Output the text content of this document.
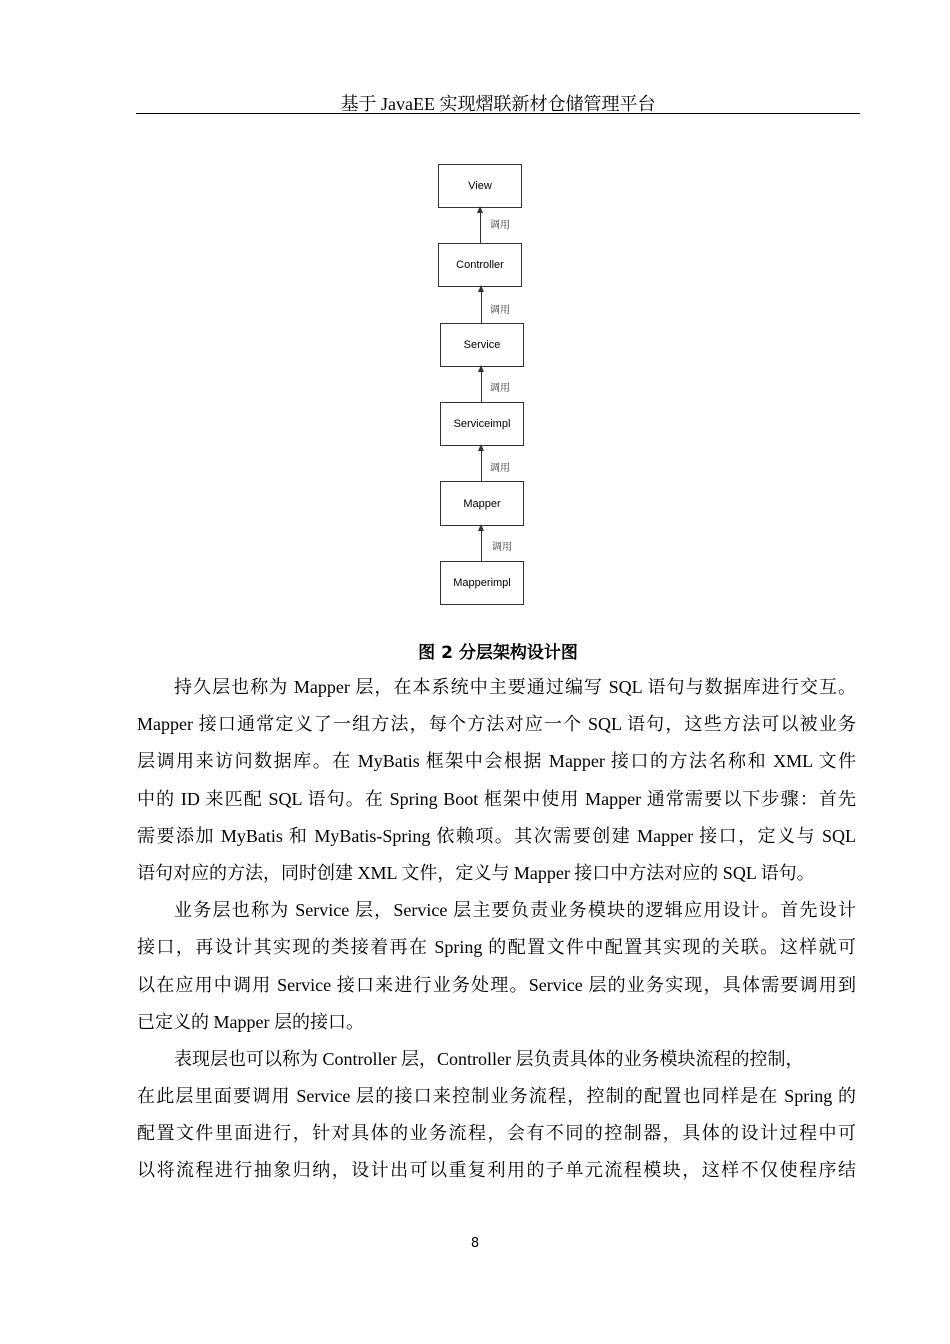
基于 JavaEE 实现熠联新材仓储管理平台
View
Controller
Service
Serviceimpl
Mapper
Mapperimpl
调用
调用
调用
调用
调用
图 2 分层架构设计图
持久层也称为 Mapper 层，在本系统中主要通过编写 SQL 语句与数据库进行交互。
Mapper 接口通常定义了一组方法，每个方法对应一个 SQL 语句，这些方法可以被业务
层调用来访问数据库。在 MyBatis 框架中会根据 Mapper 接口的方法名称和 XML 文件
中的 ID 来匹配 SQL 语句。在 Spring Boot 框架中使用 Mapper 通常需要以下步骤：首先
需要添加 MyBatis 和 MyBatis-Spring 依赖项。其次需要创建 Mapper 接口，定义与 SQL
语句对应的方法，同时创建 XML 文件，定义与 Mapper 接口中方法对应的 SQL 语句。
业务层也称为 Service 层，Service 层主要负责业务模块的逻辑应用设计。首先设计
接口，再设计其实现的类接着再在 Spring 的配置文件中配置其实现的关联。这样就可
以在应用中调用 Service 接口来进行业务处理。Service 层的业务实现，具体需要调用到
已定义的 Mapper 层的接口。
表现层也可以称为 Controller 层，Controller 层负责具体的业务模块流程的控制，
在此层里面要调用 Service 层的接口来控制业务流程，控制的配置也同样是在 Spring 的
配置文件里面进行，针对具体的业务流程，会有不同的控制器，具体的设计过程中可
以将流程进行抽象归纳，设计出可以重复利用的子单元流程模块，这样不仅使程序结
8
